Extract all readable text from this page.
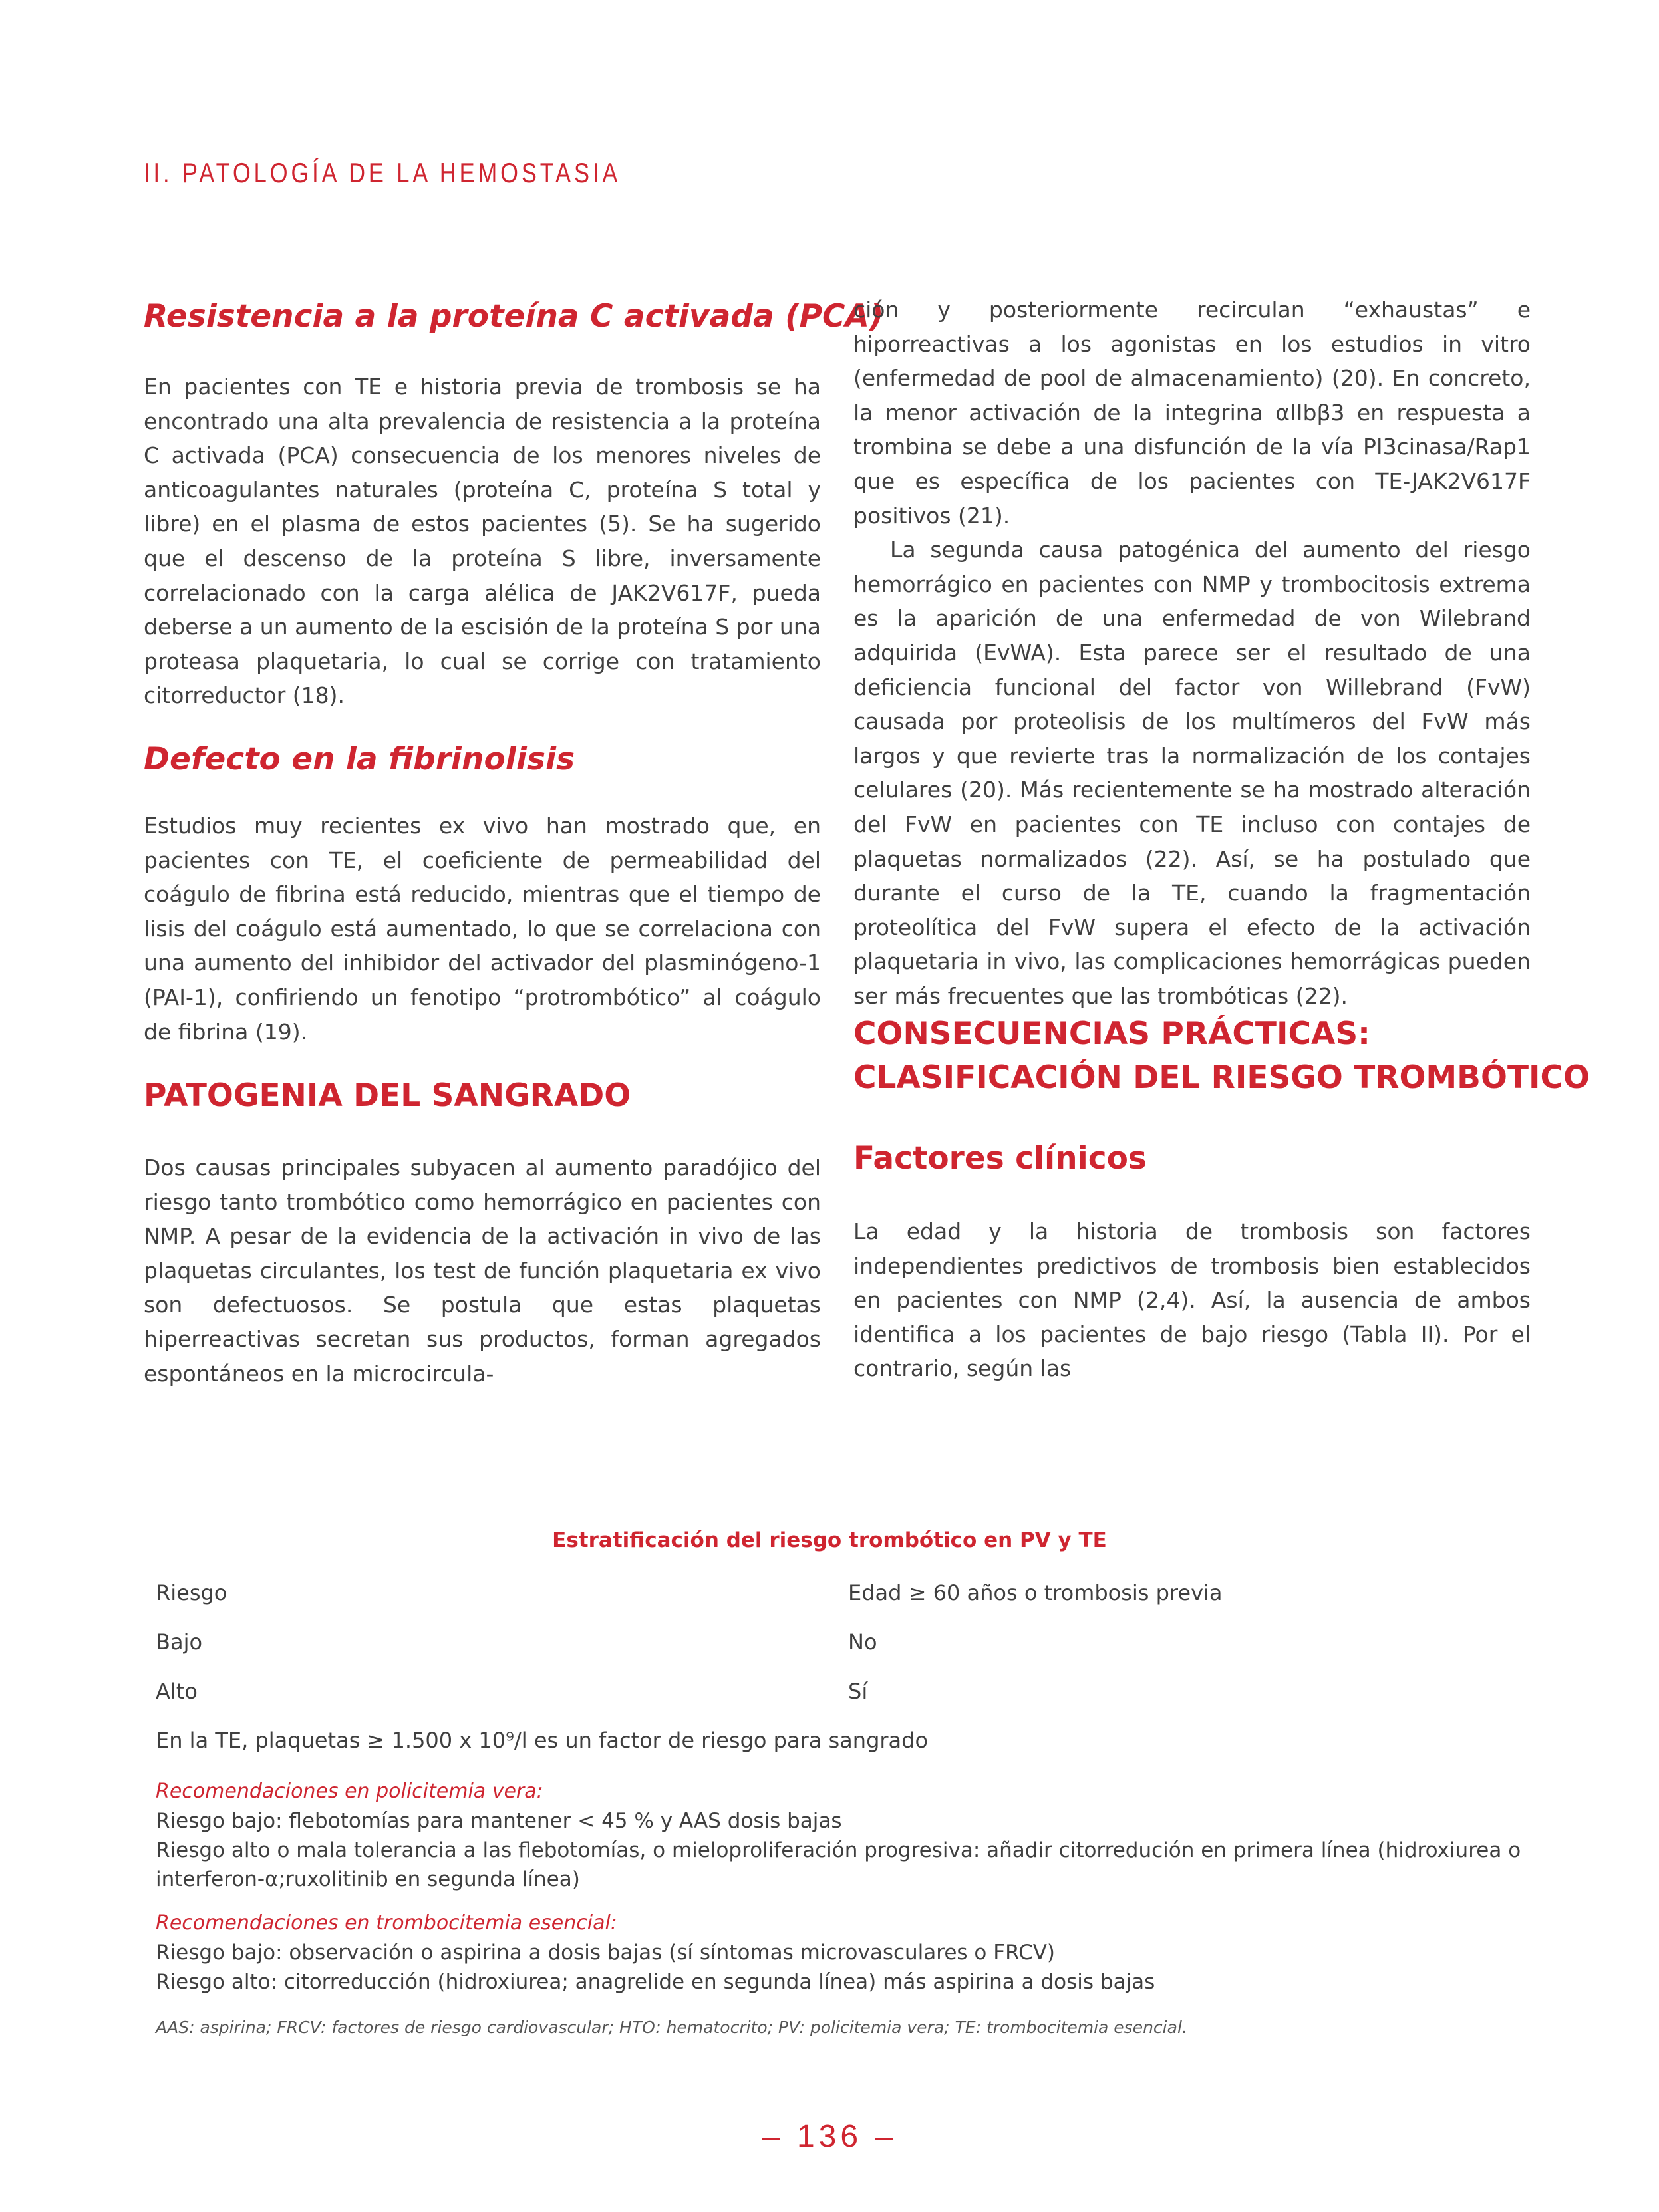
II. PATOLOGÍA DE LA HEMOSTASIA
Resistencia a la proteína C activada (PCA)

En pacientes con TE e historia previa de trombosis se ha encontrado una alta prevalencia de resistencia a la proteína C activada (PCA) consecuencia de los menores niveles de anticoagulantes naturales (proteína C, proteína S total y libre) en el plasma de estos pacientes (5). Se ha sugerido que el descenso de la proteína S libre, inversamente correlacionado con la carga alélica de JAK2V617F, pueda deberse a un aumento de la escisión de la proteína S por una proteasa plaquetaria, lo cual se corrige con tratamiento citorreductor (18).

Defecto en la fibrinolisis

Estudios muy recientes ex vivo han mostrado que, en pacientes con TE, el coeficiente de permeabilidad del coágulo de fibrina está reducido, mientras que el tiempo de lisis del coágulo está aumentado, lo que se correlaciona con una aumento del inhibidor del activador del plasminógeno-1 (PAI-1), confiriendo un fenotipo “protrombótico” al coágulo de fibrina (19).

PATOGENIA DEL SANGRADO

Dos causas principales subyacen al aumento paradójico del riesgo tanto trombótico como hemorrágico en pacientes con NMP. A pesar de la evidencia de la activación in vivo de las plaquetas circulantes, los test de función plaquetaria ex vivo son defectuosos. Se postula que estas plaquetas hiperreactivas secretan sus productos, forman agregados espontáneos en la microcircula-

ción y posteriormente recirculan “exhaustas” e hiporreactivas a los agonistas en los estudios in vitro (enfermedad de pool de almacenamiento) (20). En concreto, la menor activación de la integrina αIIbβ3 en respuesta a trombina se debe a una disfunción de la vía PI3cinasa/Rap1 que es específica de los pacientes con TE-JAK2V617F positivos (21).

La segunda causa patogénica del aumento del riesgo hemorrágico en pacientes con NMP y trombocitosis extrema es la aparición de una enfermedad de von Wilebrand adquirida (EvWA). Esta parece ser el resultado de una deficiencia funcional del factor von Willebrand (FvW) causada por proteolisis de los multímeros del FvW más largos y que revierte tras la normalización de los contajes celulares (20). Más recientemente se ha mostrado alteración del FvW en pacientes con TE incluso con contajes de plaquetas normalizados (22). Así, se ha postulado que durante el curso de la TE, cuando la fragmentación proteolítica del FvW supera el efecto de la activación plaquetaria in vivo, las complicaciones hemorrágicas pueden ser más frecuentes que las trombóticas (22).

CONSECUENCIAS PRÁCTICAS:
CLASIFICACIÓN DEL RIESGO TROMBÓTICO
Factores clínicos

La edad y la historia de trombosis son factores independientes predictivos de trombosis bien establecidos en pacientes con NMP (2,4). Así, la ausencia de ambos identifica a los pacientes de bajo riesgo (Tabla II). Por el contrario, según las

Estratificación del riesgo trombótico en PV y TE
Riesgo	Edad ≥ 60 años o trombosis previa
Bajo	No
Alto	Sí
En la TE, plaquetas ≥ 1.500 x 10⁹/l es un factor de riesgo para sangrado
Recomendaciones en policitemia vera:
Riesgo bajo: flebotomías para mantener < 45 % y AAS dosis bajas
Riesgo alto o mala tolerancia a las flebotomías, o mieloproliferación progresiva: añadir citorredución en primera línea (hidroxiurea o
interferon-α;ruxolitinib en segunda línea)
Recomendaciones en trombocitemia esencial:
Riesgo bajo: observación o aspirina a dosis bajas (sí síntomas microvasculares o FRCV)
Riesgo alto: citorreducción (hidroxiurea; anagrelide en segunda línea) más aspirina a dosis bajas
AAS: aspirina; FRCV: factores de riesgo cardiovascular; HTO: hematocrito; PV: policitemia vera; TE: trombocitemia esencial.
– 136 –
